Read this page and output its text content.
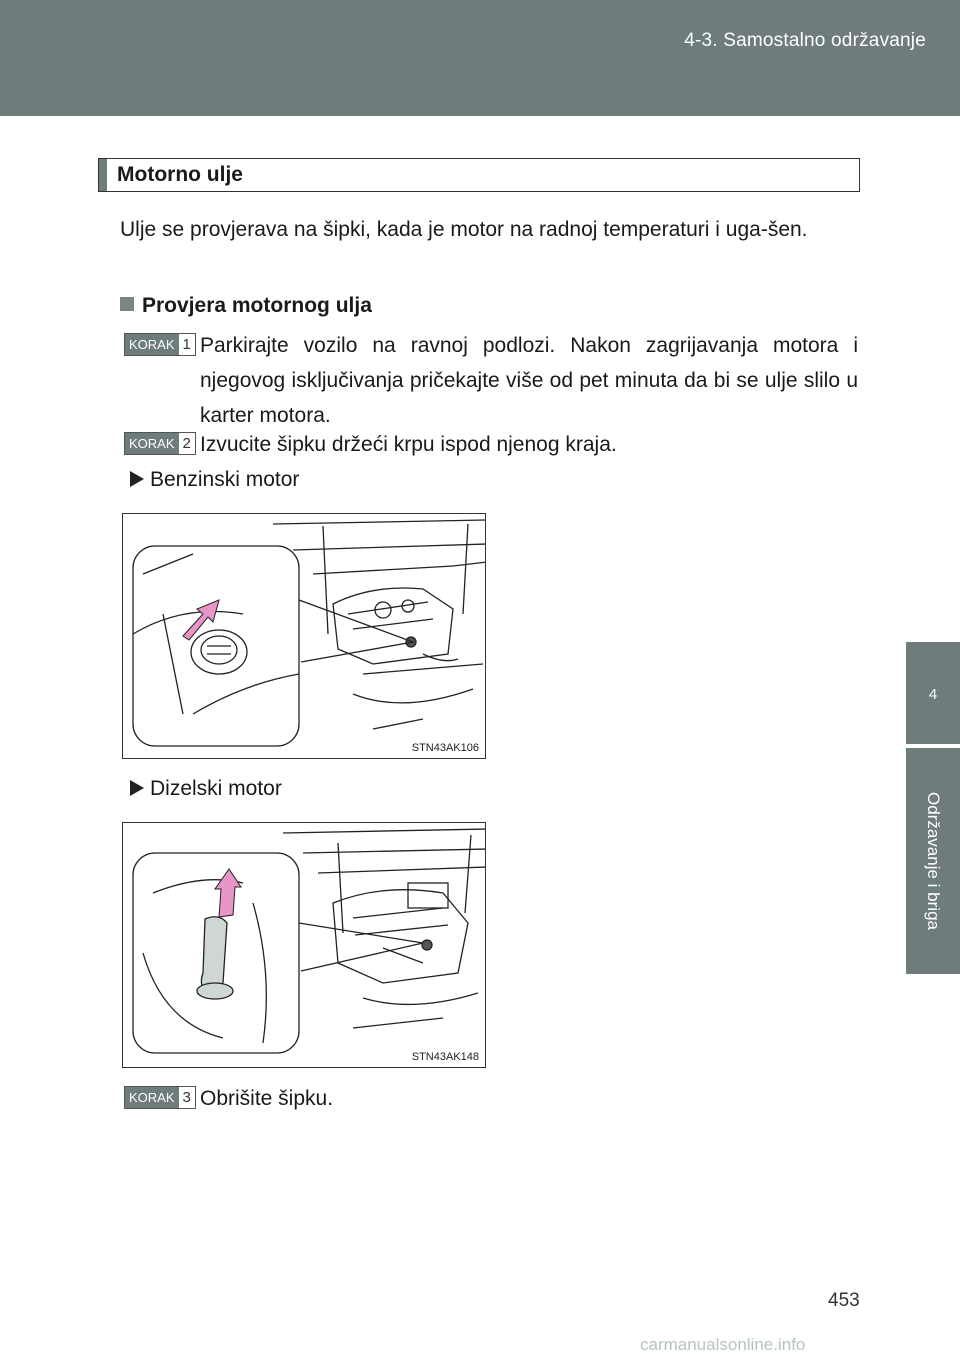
4-3. Samostalno održavanje
4
Održavanje i briga
Motorno ulje
Ulje se provjerava na šipki, kada je motor na radnoj temperaturi i uga-šen.
Provjera motornog ulja
KORAK 1 Parkirajte vozilo na ravnoj podlozi. Nakon zagrijavanja motora i njegovog isključivanja pričekajte više od pet minuta da bi se ulje slilo u karter motora.
KORAK 2 Izvucite šipku držeći krpu ispod njenog kraja.
Benzinski motor
STN43AK106
Dizelski motor
STN43AK148
KORAK 3 Obrišite šipku.
453
carmanualsonline.info
